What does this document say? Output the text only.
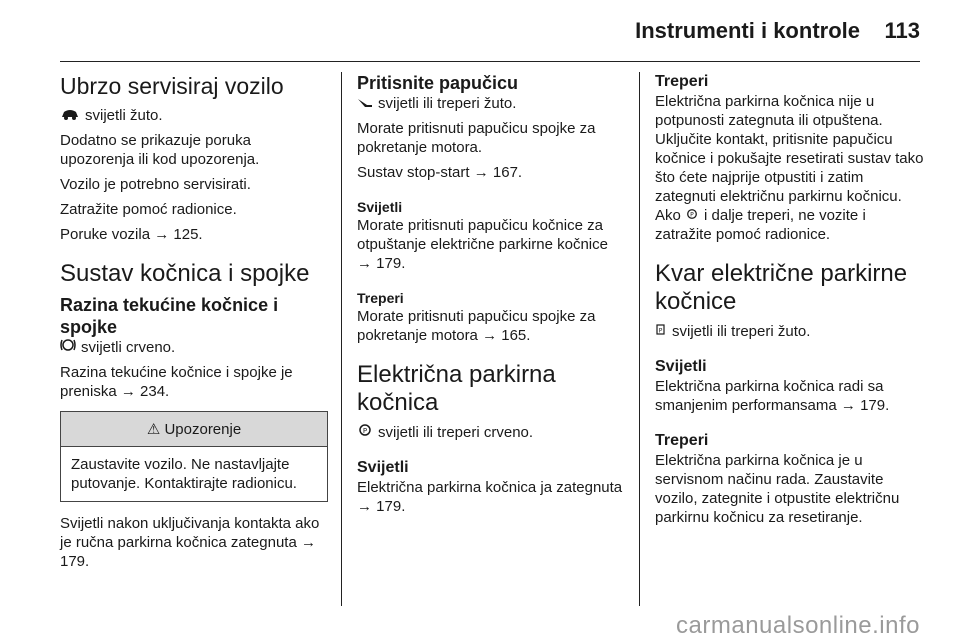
Instrumenti i kontrole 113
Ubrzo servisiraj vozilo

svijetli žuto.

Dodatno se prikazuje poruka upozorenja ili kod upozorenja.

Vozilo je potrebno servisirati.

Zatražite pomoć radionice.

Poruke vozila → 125.

Sustav kočnica i spojke
Razina tekućine kočnice i spojke

svijetli crveno.

Razina tekućine kočnice i spojke je preniska → 234.

⚠ Upozorenje
Zaustavite vozilo. Ne nastavljajte putovanje. Kontaktirajte radionicu.

Svijetli nakon uključivanja kontakta ako je ručna parkirna kočnica zategnuta → 179.

Pritisnite papučicu

svijetli ili treperi žuto.

Morate pritisnuti papučicu spojke za pokretanje motora.

Sustav stop-start → 167.

Svijetli

Morate pritisnuti papučicu kočnice za otpuštanje električne parkirne kočnice → 179.

Treperi

Morate pritisnuti papučicu spojke za pokretanje motora → 165.

Električna parkirna kočnica

P svijetli ili treperi crveno.

Svijetli

Električna parkirna kočnica ja zategnuta → 179.

Treperi

Električna parkirna kočnica nije u potpunosti zategnuta ili otpuštena. Uključite kontakt, pritisnite papučicu kočnice i pokušajte resetirati sustav tako što ćete najprije otpustiti i zatim zategnuti električnu parkirnu kočnicu. Ako P i dalje treperi, ne vozite i zatražite pomoć radionice.

Kvar električne parkirne kočnice

P svijetli ili treperi žuto.

Svijetli

Električna parkirna kočnica radi sa smanjenim performansama → 179.

Treperi

Električna parkirna kočnica je u servisnom načinu rada. Zaustavite vozilo, zategnite i otpustite električnu parkirnu kočnicu za resetiranje.

carmanualsonline.info
